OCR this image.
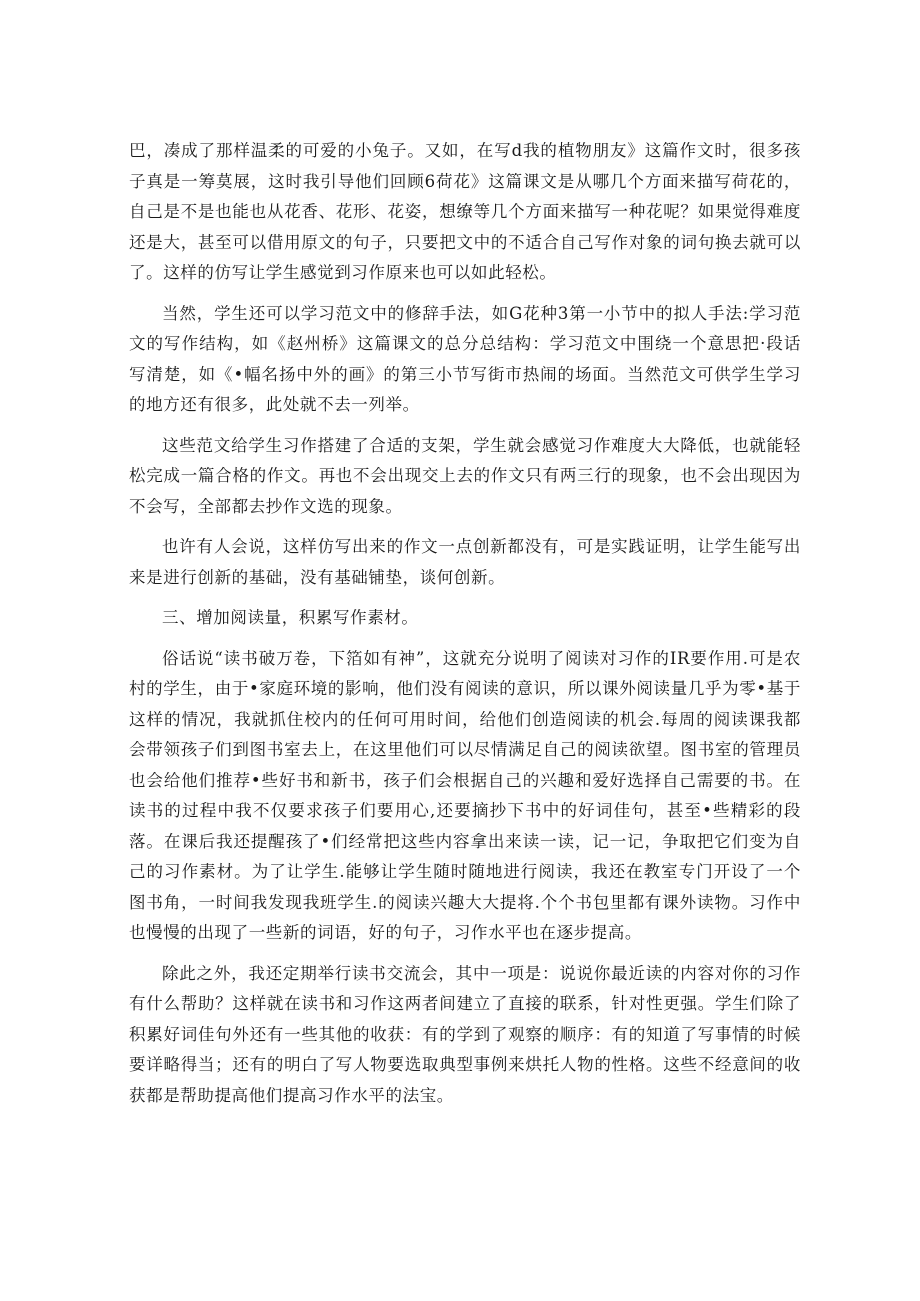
巴，凑成了那样温柔的可爱的小兔子。又如，在写d我的植物朋友》这篇作文时，很多孩子真是一筹莫展，这时我引导他们回顾6荷花》这篇课文是从哪几个方面来描写荷花的，自己是不是也能也从花香、花形、花姿，想缭等几个方面来描写一种花呢？如果觉得难度还是大，甚至可以借用原文的句子，只要把文中的不适合自己写作对象的词句换去就可以了。这样的仿写让学生感觉到习作原来也可以如此轻松。

当然，学生还可以学习范文中的修辞手法，如G花种3第一小节中的拟人手法:学习范文的写作结构，如《赵州桥》这篇课文的总分总结构：学习范文中围绕一个意思把·段话写清楚，如《•幅名扬中外的画》的第三小节写街市热闹的场面。当然范文可供学生学习的地方还有很多，此处就不去一列举。

这些范文给学生习作搭建了合适的支架，学生就会感觉习作难度大大降低，也就能轻松完成一篇合格的作文。再也不会出现交上去的作文只有两三行的现象，也不会出现因为不会写，全部都去抄作文选的现象。

也许有人会说，这样仿写出来的作文一点创新都没有，可是实践证明，让学生能写出来是进行创新的基础，没有基础铺垫，谈何创新。

三、增加阅读量，积累写作素材。

俗话说“读书破万卷，下箔如有神”，这就充分说明了阅读对习作的IR要作用.可是农村的学生，由于•家庭环境的影响，他们没有阅读的意识，所以课外阅读量几乎为零•基于这样的情况，我就抓住校内的任何可用时间，给他们创造阅读的机会.每周的阅读课我都会带领孩子们到图书室去上，在这里他们可以尽情满足自己的阅读欲望。图书室的管理员也会给他们推荐•些好书和新书，孩子们会根据自己的兴趣和爱好选择自己需要的书。在读书的过程中我不仅要求孩子们要用心,还要摘抄下书中的好词佳句，甚至•些精彩的段落。在课后我还提醒孩了•们经常把这些内容拿出来读一读，记一记，争取把它们变为自己的习作素材。为了让学生.能够让学生随时随地进行阅读，我还在教室专门开设了一个图书角，一时间我发现我班学生.的阅读兴趣大大提将.个个书包里都有课外读物。习作中也慢慢的出现了一些新的词语，好的句子，习作水平也在逐步提高。

除此之外，我还定期举行读书交流会，其中一项是：说说你最近读的内容对你的习作有什么帮助？这样就在读书和习作这两者间建立了直接的联系，针对性更强。学生们除了积累好词佳句外还有一些其他的收获：有的学到了观察的顺序：有的知道了写事情的时候要详略得当；还有的明白了写人物要选取典型事例来烘托人物的性格。这些不经意间的收获都是帮助提高他们提高习作水平的法宝。
